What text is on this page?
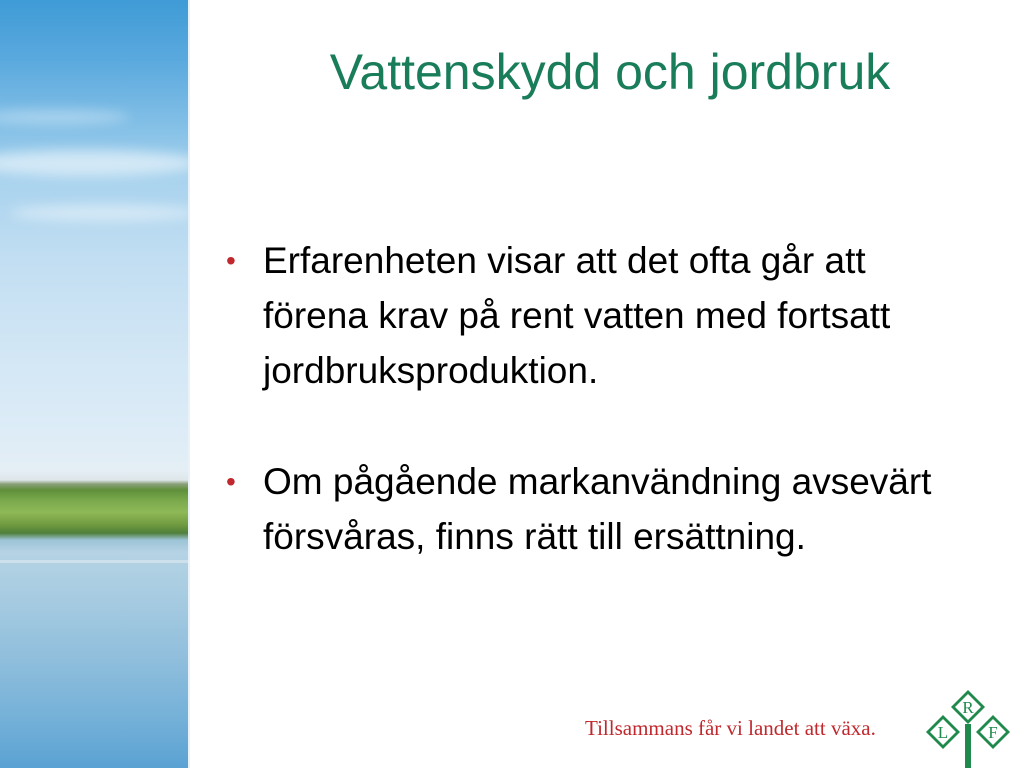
Vattenskydd och jordbruk
• Erfarenheten visar att det ofta går att förena krav på rent vatten med fortsatt jordbruksproduktion.
• Om pågående markanvändning avsevärt försvåras, finns rätt till ersättning.
Tillsammans får vi landet att växa.
R
L F
